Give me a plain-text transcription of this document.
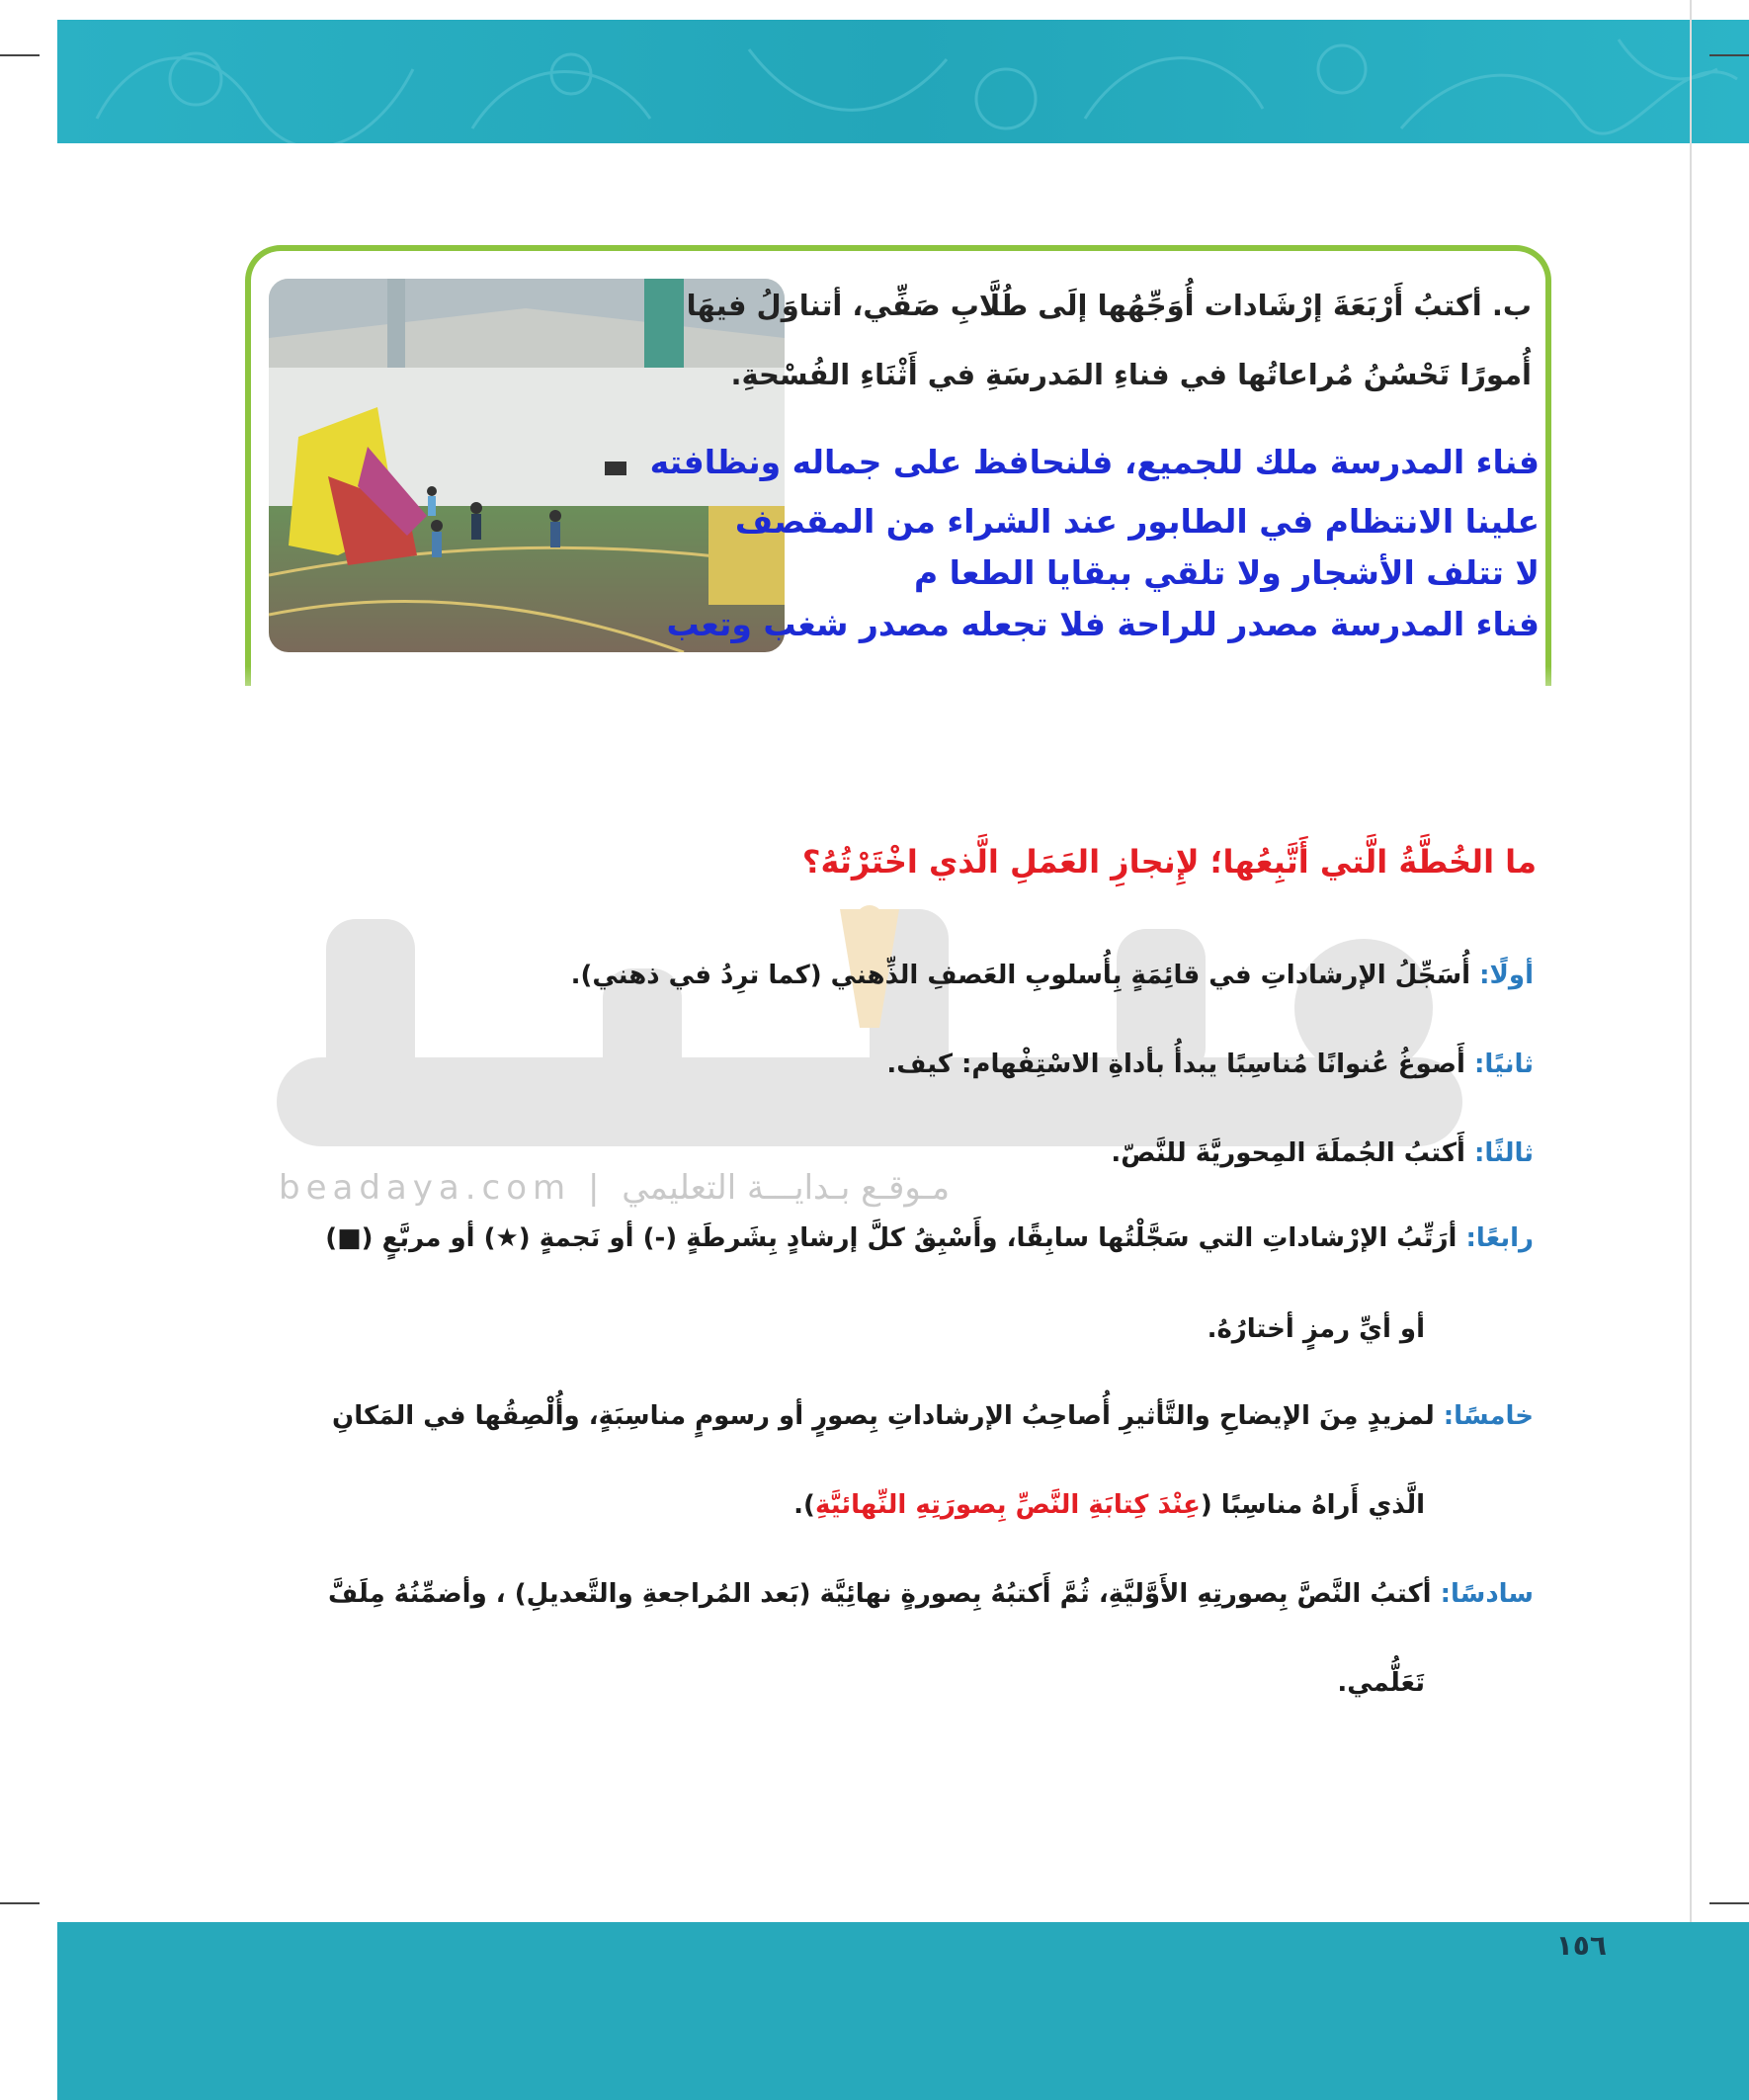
ب. أكتبُ أَرْبَعَةَ إرْشَادات أُوَجِّهُها إلَى طُلَّابِ صَفِّي، أتناوَلُ فيهَا
أُمورًا تَحْسُنُ مُراعاتُها في فناءِ المَدرسَةِ في أَثْنَاءِ الفُسْحةِ.
فناء المدرسة ملك للجميع، فلنحافظ على جماله ونظافته
علينا الانتظام في الطابور عند الشراء من المقصف
لا تتلف الأشجار ولا تلقي ببقايا الطعا م
فناء المدرسة مصدر للراحة فلا تجعله مصدر شغب وتعب
beadaya.com | مـوقـع بـدايـــة التعليمي
ما الخُطَّةُ الَّتي أَتَّبِعُها؛ لإِنجازِ العَمَلِ الَّذي اخْتَرْتُهُ؟
أولًا: أُسَجِّلُ الإرشاداتِ في قائِمَةٍ بِأُسلوبِ العَصفِ الذِّهني (كما ترِدُ في ذهني).
ثانيًا: أَصوغُ عُنوانًا مُناسِبًا يبدأُ بأداةِ الاسْتِفْهام: كيف.
ثالثًا: أَكتبُ الجُملَةَ المِحوريَّةَ للنَّصّ.
رابعًا: أرَتِّبُ الإرْشاداتِ التي سَجَّلْتُها سابِقًا، وأَسْبِقُ كلَّ إرشادٍ بِشَرطَةٍ (-) أو نَجمةٍ (★) أو مربَّعٍ (■)
أو أيِّ رمزٍ أختارُهُ.
خامسًا: لمزيدٍ مِنَ الإيضاحِ والتَّأثيرِ أُصاحِبُ الإرشاداتِ بِصورٍ أو رسومٍ مناسِبَةٍ، وأُلْصِقُها في المَكانِ
الَّذي أَراهُ مناسِبًا (عِنْدَ كِتابَةِ النَّصِّ بِصورَتِهِ النِّهائيَّةِ).
سادسًا: أكتبُ النَّصَّ بِصورتِهِ الأَوَّليَّةِ، ثُمَّ أَكتبُهُ بِصورةٍ نهائِيَّة (بَعد المُراجعةِ والتَّعديلِ) ، وأضمِّنُهُ مِلَفَّ
تَعَلُّمي.
١٥٦
